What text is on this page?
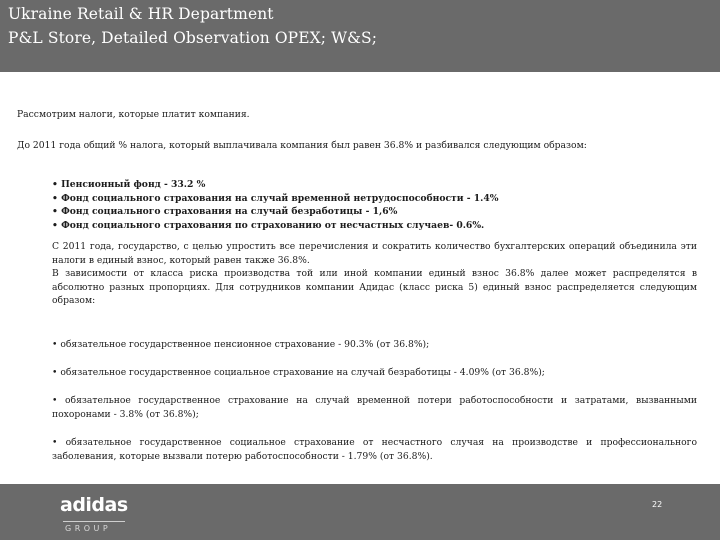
Ukraine Retail & HR Department
P&L Store, Detailed Observation OPEX; W&S;
Рассмотрим налоги, которые платит компания.
До 2011 года общий % налога, который выплачивала компания был равен 36.8% и разбивался следующим образом:
• Пенсионный фонд - 33.2 %
• Фонд социального страхования на случай временной нетрудоспособности - 1.4%
• Фонд социального страхования на случай безработицы - 1,6%
• Фонд социального страхования по страхованию от несчастных случаев- 0.6%.

С 2011 года, государство, с целью упростить все перечисления и сократить количество бухгалтерских операций объединила эти налоги в единый взнос, который равен также 36.8%.

В зависимости от класса риска производства той или иной компании единый взнос 36.8% далее может распределятся в абсолютно разных пропорциях. Для сотрудников компании Адидас (класс риска 5) единый взнос распределяется следующим образом:

• обязательное государственное пенсионное страхование - 90.3% (от 36.8%);
• обязательное государственное социальное страхование на случай безработицы - 4.09% (от 36.8%);
• обязательное государственное страхование на случай временной потери работоспособности и затратами, вызванными похоронами - 3.8% (от 36.8%);
• обязательное государственное социальное страхование от несчастного случая на производстве и профессионального заболевания, которые вызвали потерю работоспособности - 1.79% (от 36.8%).
adidas
GROUP
22
